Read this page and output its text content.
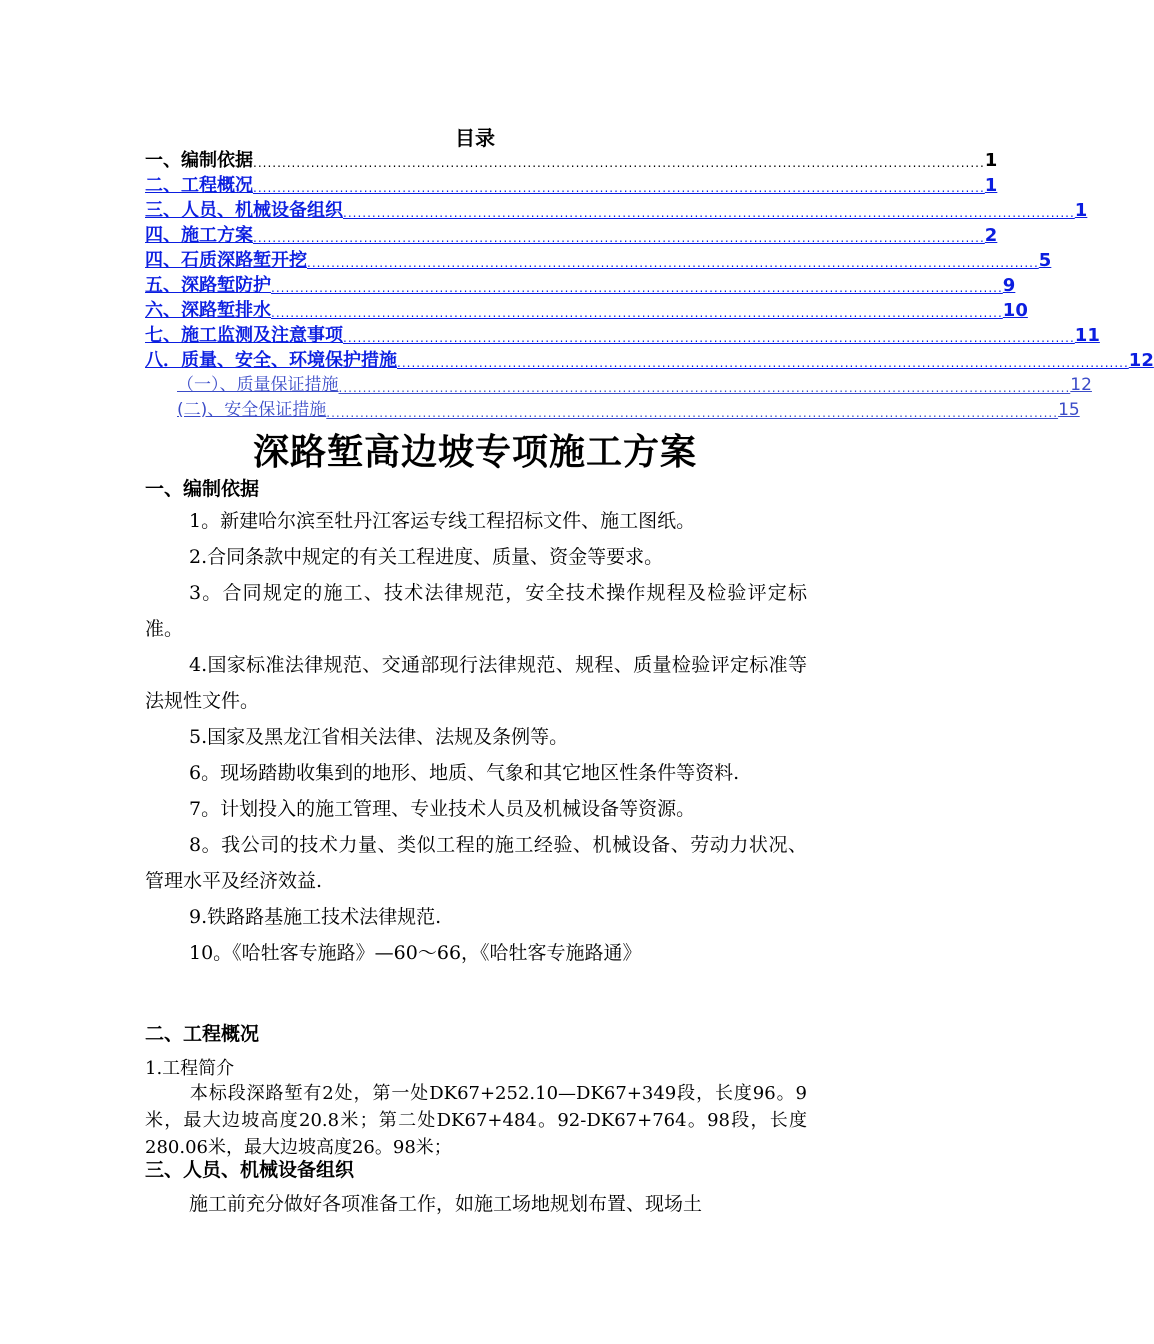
目录
一、编制依据 ........................................................................................................................................................ 1
二、工程概况 ........................................................................................................................................................ 1
三、人员、机械设备组织 ........................................................................................................................................................ 1
四、施工方案 ........................................................................................................................................................ 2
四、石质深路堑开挖 ........................................................................................................................................................ 5
五、深路堑防护 ........................................................................................................................................................ 9
六、深路堑排水 ........................................................................................................................................................ 10
七、施工监测及注意事项 ........................................................................................................................................................ 11
八．质量、安全、环境保护措施 ........................................................................................................................................................ 12
（一）、质量保证措施 ........................................................................................................................................................ 12
(二)、安全保证措施 ........................................................................................................................................................ 15
深路堑高边坡专项施工方案
一、编制依据
1。新建哈尔滨至牡丹江客运专线工程招标文件、施工图纸。
2.合同条款中规定的有关工程进度、质量、资金等要求。
3。合同规定的施工、技术法律规范，安全技术操作规程及检验评定标准。
4.国家标准法律规范、交通部现行法律规范、规程、质量检验评定标准等法规性文件。
5.国家及黑龙江省相关法律、法规及条例等。
6。现场踏勘收集到的地形、地质、气象和其它地区性条件等资料.
7。计划投入的施工管理、专业技术人员及机械设备等资源。
8。我公司的技术力量、类似工程的施工经验、机械设备、劳动力状况、管理水平及经济效益.
9.铁路路基施工技术法律规范.
10。《哈牡客专施路》—60～66，《哈牡客专施路通》
二、工程概况
1.工程简介
本标段深路堑有2处，第一处DK67+252.10—DK67+349段，长度96。9米，最大边坡高度20.8米；第二处DK67+484。92-DK67+764。98段，长度280.06米，最大边坡高度26。98米；
三、人员、机械设备组织
施工前充分做好各项准备工作，如施工场地规划布置、现场土
